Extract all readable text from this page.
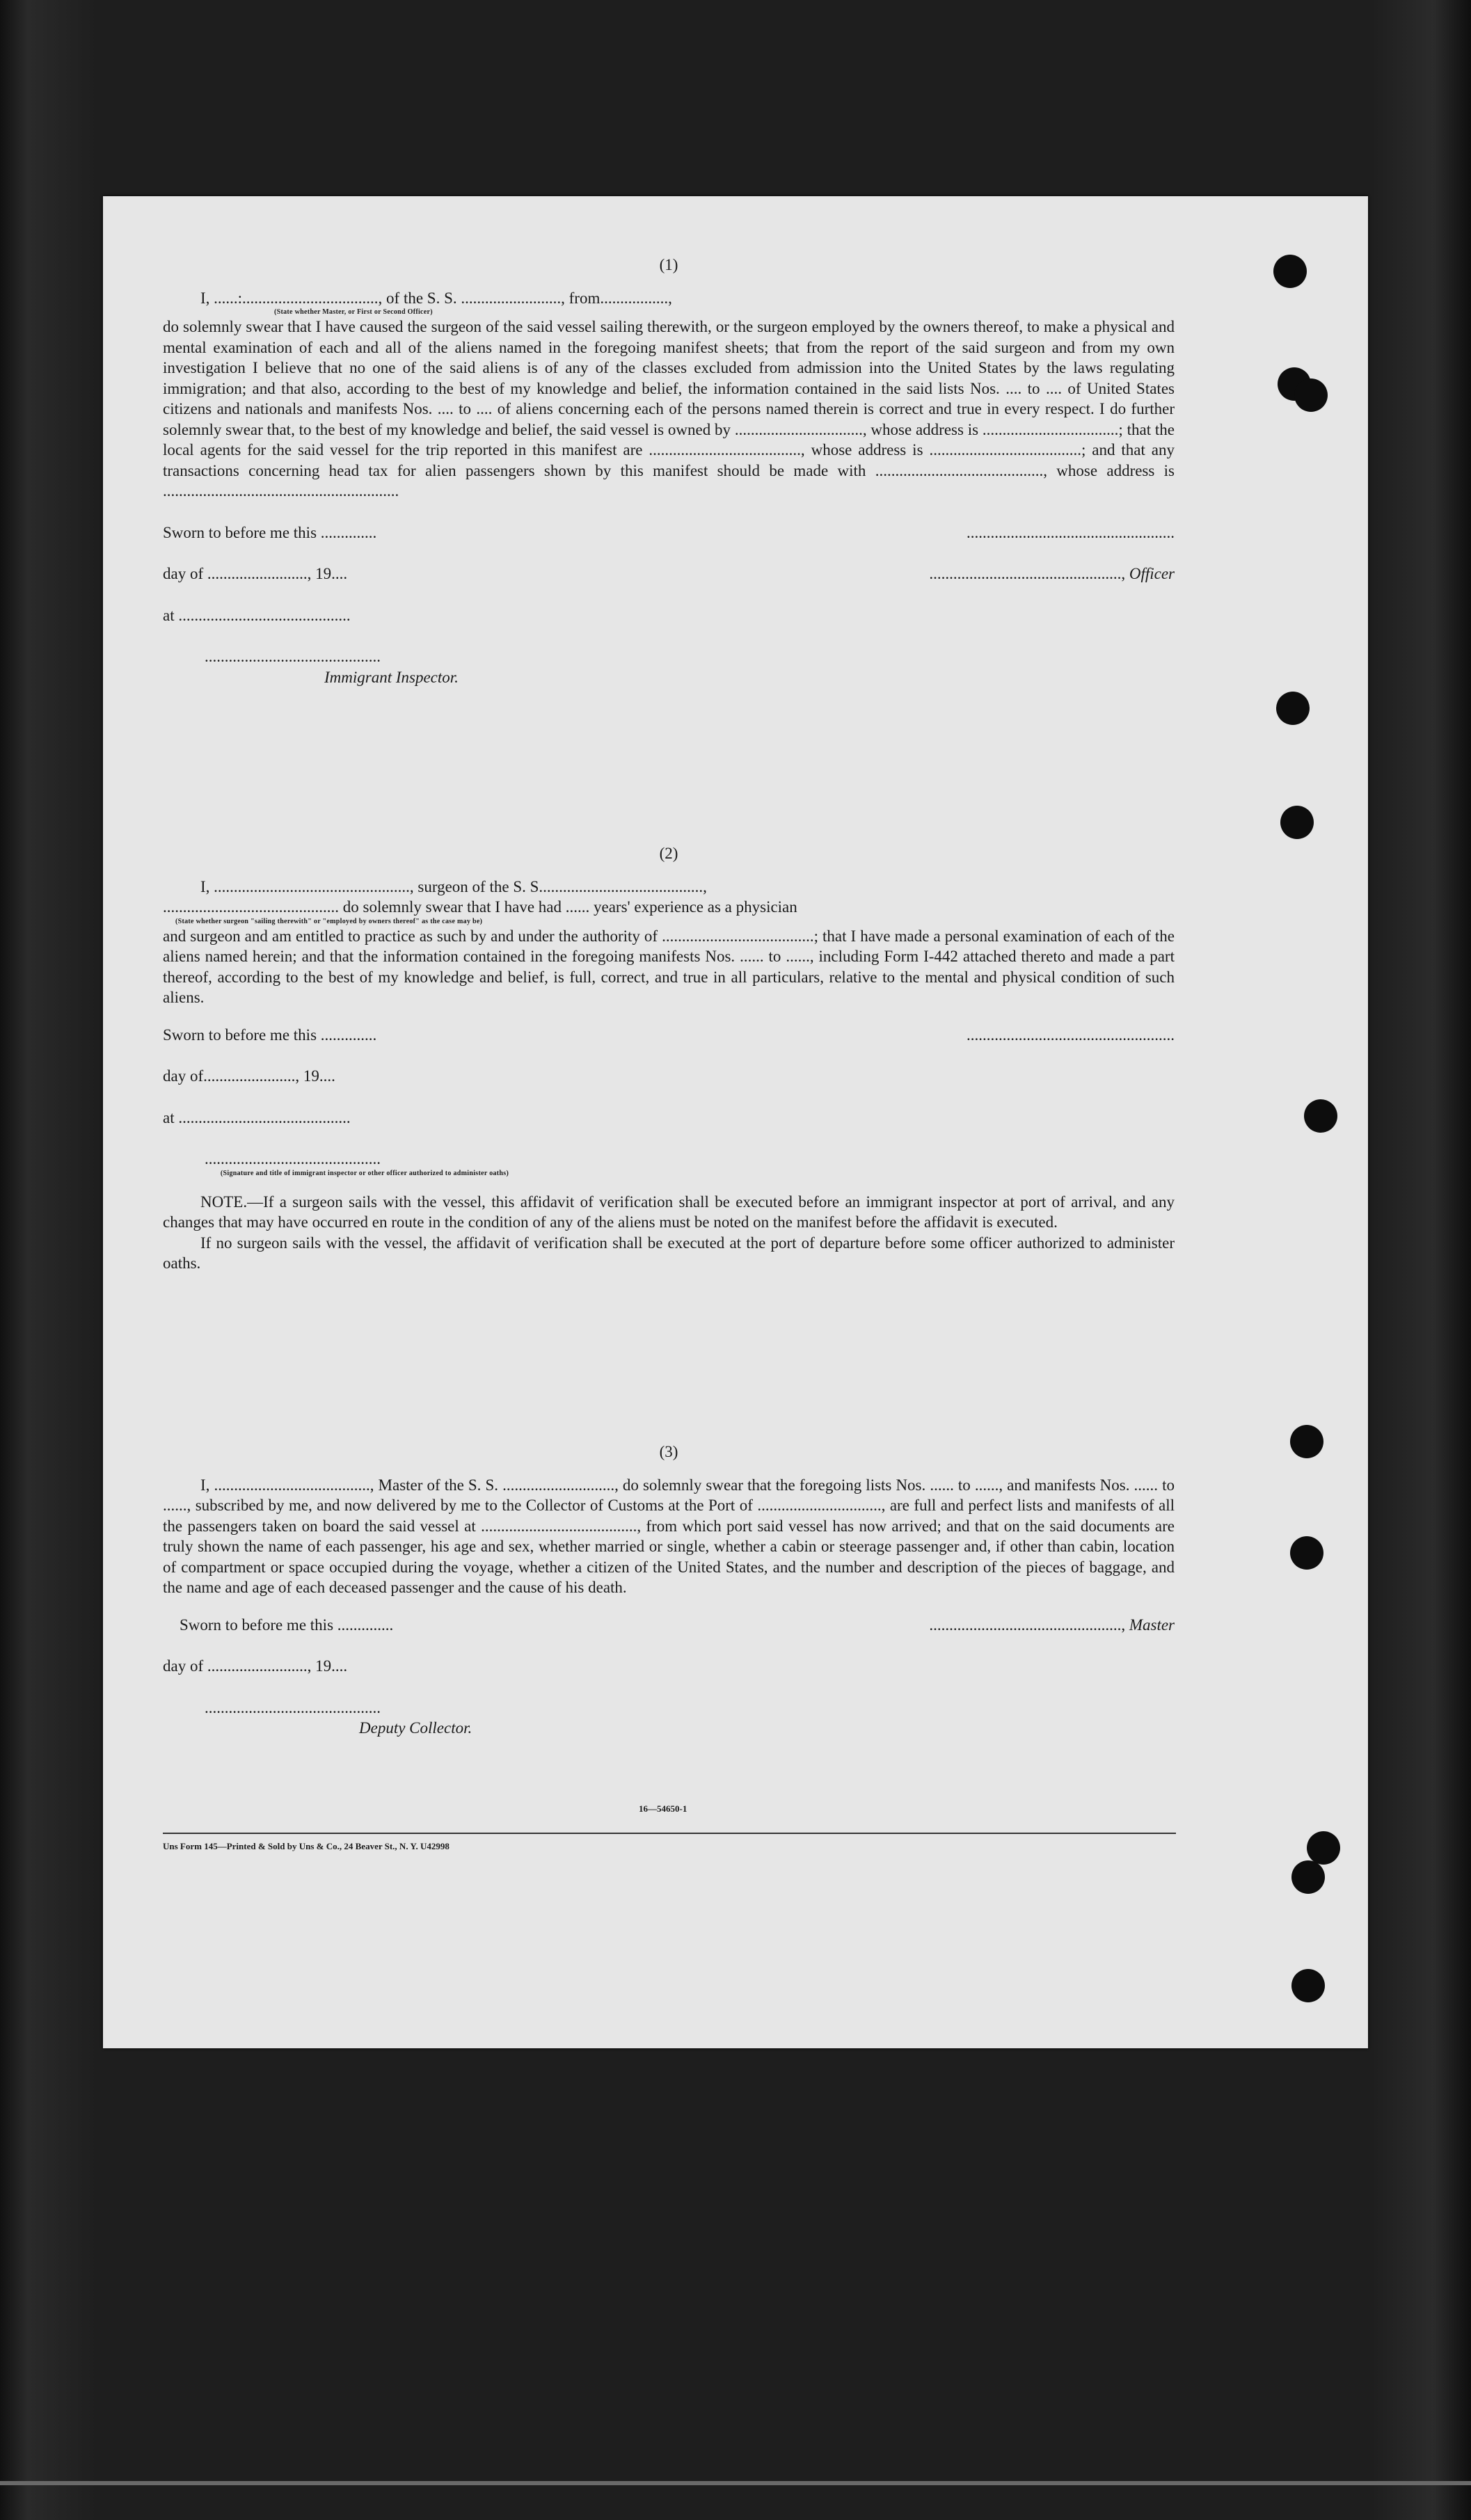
(1)
I, ......:.................................., of the S. S. ........................., from.................,
(State whether Master, or First or Second Officer)

do solemnly swear that I have caused the surgeon of the said vessel sailing therewith, or the surgeon employed by the owners thereof, to make a physical and mental examination of each and all of the aliens named in the foregoing manifest sheets; that from the report of the said surgeon and from my own investigation I believe that no one of the said aliens is of any of the classes excluded from admission into the United States by the laws regulating immigration; and that also, according to the best of my knowledge and belief, the information contained in the said lists Nos. .... to .... of United States citizens and nationals and manifests Nos. .... to .... of aliens concerning each of the persons named therein is correct and true in every respect. I do further solemnly swear that, to the best of my knowledge and belief, the said vessel is owned by ................................, whose address is ..................................; that the local agents for the said vessel for the trip reported in this manifest are ......................................, whose address is ......................................; and that any transactions concerning head tax for alien passengers shown by this manifest should be made with .........................................., whose address is ...........................................................

Sworn to before me this ..............	....................................................
day of ........................., 19....	................................................, Officer
at ...........................................
............................................
Immigrant Inspector.
(2)
I, ................................................., surgeon of the S. S.........................................,
............................................ do solemnly swear that I have had ...... years' experience as a physician
(State whether surgeon "sailing therewith" or "employed by owners thereof" as the case may be)

and surgeon and am entitled to practice as such by and under the authority of ......................................; that I have made a personal examination of each of the aliens named herein; and that the information contained in the foregoing manifests Nos. ...... to ......, including Form I-442 attached thereto and made a part thereof, according to the best of my knowledge and belief, is full, correct, and true in all particulars, relative to the mental and physical condition of such aliens.

Sworn to before me this ..............	....................................................
day of......................., 19....
at ...........................................
............................................
(Signature and title of immigrant inspector or other officer authorized to administer oaths)

NOTE.—If a surgeon sails with the vessel, this affidavit of verification shall be executed before an immigrant inspector at port of arrival, and any changes that may have occurred en route in the condition of any of the aliens must be noted on the manifest before the affidavit is executed.

If no surgeon sails with the vessel, the affidavit of verification shall be executed at the port of departure before some officer authorized to administer oaths.

(3)

I, ......................................., Master of the S. S. ............................, do solemnly swear that the foregoing lists Nos. ...... to ......, and manifests Nos. ...... to ......, subscribed by me, and now delivered by me to the Collector of Customs at the Port of ..............................., are full and perfect lists and manifests of all the passengers taken on board the said vessel at ......................................., from which port said vessel has now arrived; and that on the said documents are truly shown the name of each passenger, his age and sex, whether married or single, whether a cabin or steerage passenger and, if other than cabin, location of compartment or space occupied during the voyage, whether a citizen of the United States, and the number and description of the pieces of baggage, and the name and age of each deceased passenger and the cause of his death.

Sworn to before me this ..............	................................................, Master
day of ........................., 19....
............................................
Deputy Collector.
16—54650-1
Uns Form 145—Printed & Sold by Uns & Co., 24 Beaver St., N. Y. U42998
